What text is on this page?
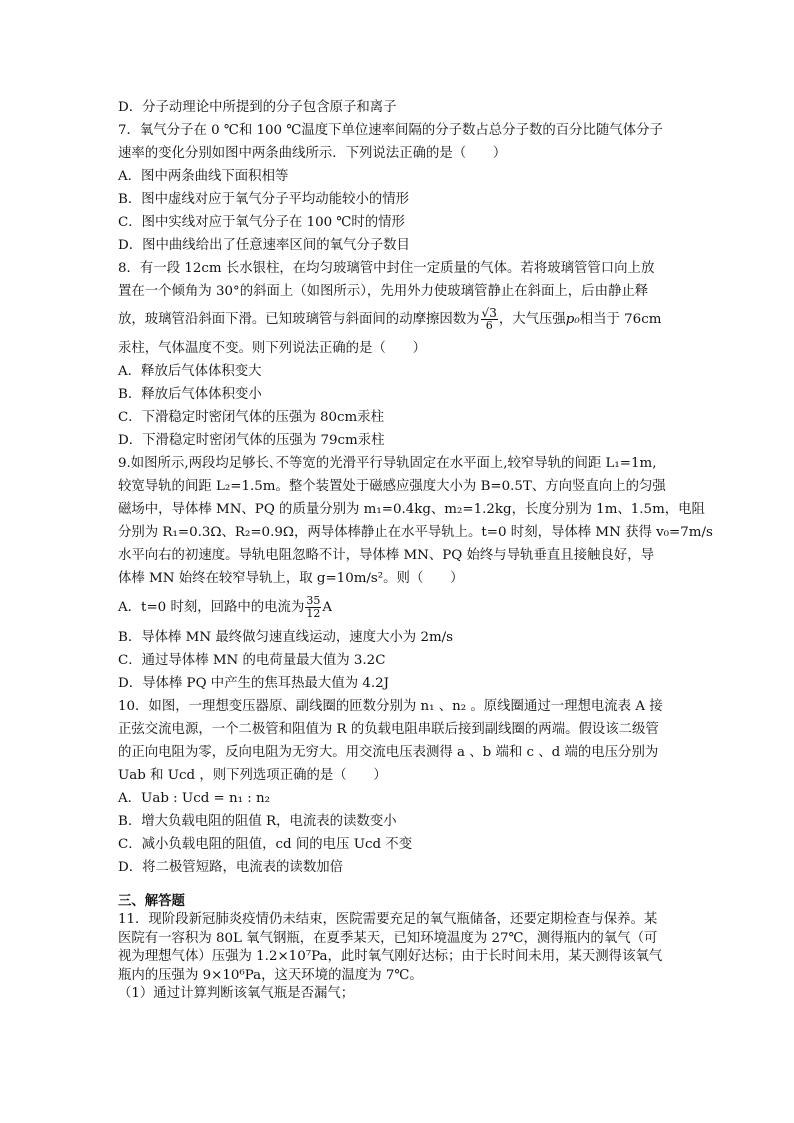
D．分子动理论中所提到的分子包含原子和离子

7．氧气分子在 0 ℃和 100 ℃温度下单位速率间隔的分子数占总分子数的百分比随气体分子

速率的变化分别如图中两条曲线所示．下列说法正确的是（　　）

A．图中两条曲线下面积相等

B．图中虚线对应于氧气分子平均动能较小的情形

C．图中实线对应于氧气分子在 100 ℃时的情形

D．图中曲线给出了任意速率区间的氧气分子数目

8．有一段 12cm 长水银柱，在均匀玻璃管中封住一定质量的气体。若将玻璃管管口向上放

置在一个倾角为 30°的斜面上（如图所示），先用外力使玻璃管静止在斜面上，后由静止释

放，玻璃管沿斜面下滑。已知玻璃管与斜面间的动摩擦因数为 $\frac{√3}{6}$ ，大气压强p₀相当于 76cm

汞柱，气体温度不变。则下列说法正确的是（　　）

A．释放后气体体积变大

B．释放后气体体积变小

C．下滑稳定时密闭气体的压强为 80cm汞柱

D．下滑稳定时密闭气体的压强为 79cm汞柱

9.如图所示,两段均足够长､不等宽的光滑平行导轨固定在水平面上,较窄导轨的间距 L₁=1m,

较宽导轨的间距 L₂=1.5m。整个装置处于磁感应强度大小为 B=0.5T、方向竖直向上的匀强

磁场中，导体棒 MN、PQ 的质量分别为 m₁=0.4kg、m₂=1.2kg，长度分别为 1m、1.5m，电阻

分别为 R₁=0.3Ω、R₂=0.9Ω，两导体棒静止在水平导轨上。t=0 时刻，导体棒 MN 获得 v₀=7m/s

水平向右的初速度。导轨电阻忽略不计，导体棒 MN、PQ 始终与导轨垂直且接触良好，导

体棒 MN 始终在较窄导轨上，取 g=10m/s²。则（　　）

A．t=0 时刻，回路中的电流为 $\frac{35}{12}$ A

B．导体棒 MN 最终做匀速直线运动，速度大小为 2m/s

C．通过导体棒 MN 的电荷量最大值为 3.2C

D．导体棒 PQ 中产生的焦耳热最大值为 4.2J

10．如图，一理想变压器原、副线圈的匝数分别为 n₁ 、n₂ 。原线圈通过一理想电流表 A 接

正弦交流电源，一个二极管和阻值为 R 的负载电阻串联后接到副线圈的两端。假设该二级管

的正向电阻为零，反向电阻为无穷大。用交流电压表测得 a 、b 端和 c 、d 端的电压分别为

Uab 和 Ucd ，则下列选项正确的是（　　）

A．Uab : Ucd = n₁ : n₂

B．增大负载电阻的阻值 R，电流表的读数变小

C．减小负载电阻的阻值，cd 间的电压 Ucd 不变

D．将二极管短路，电流表的读数加倍

三、解答题

11．现阶段新冠肺炎疫情仍未结束，医院需要充足的氧气瓶储备，还要定期检查与保养。某

医院有一容积为 80L 氧气钢瓶，在夏季某天，已知环境温度为 27℃，测得瓶内的氧气（可

视为理想气体）压强为 1.2×10⁷Pa，此时氧气刚好达标；由于长时间未用，某天测得该氧气

瓶内的压强为 9×10⁶Pa，这天环境的温度为 7℃。

（1）通过计算判断该氧气瓶是否漏气；
